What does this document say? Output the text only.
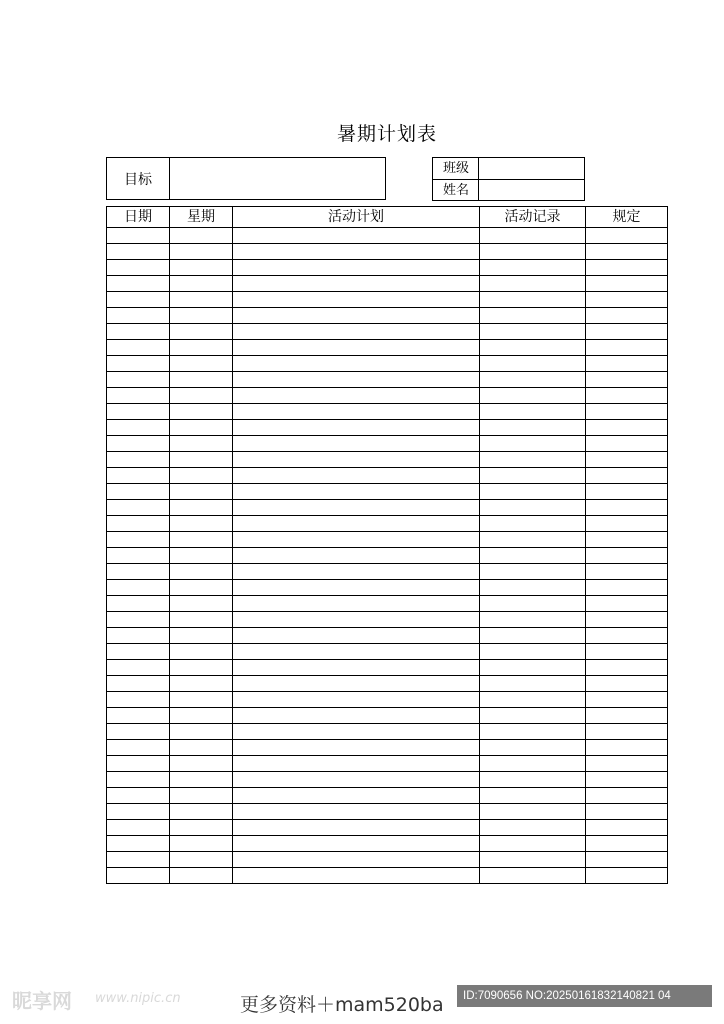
暑期计划表
目标
班级
姓名
日期	星期	活动计划	活动记录	规定

昵享网 www.nipic.cn	更多资料＋mam520ba	ID:7090656 NO:20250161832140821 04
